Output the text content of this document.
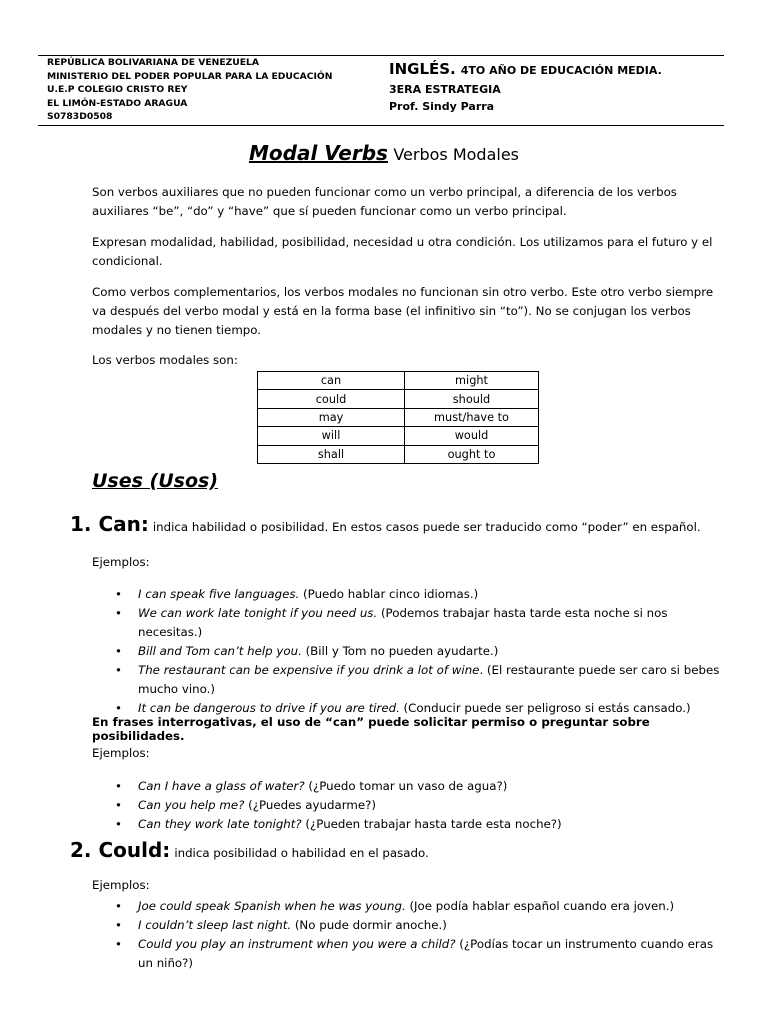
REPÚBLICA BOLIVARIANA DE VENEZUELA
MINISTERIO DEL PODER POPULAR PARA LA EDUCACIÓN
U.E.P COLEGIO CRISTO REY
EL LIMÓN-ESTADO ARAGUA
S0783D0508
INGLÉS. 4TO AÑO DE EDUCACIÓN MEDIA.
3ERA ESTRATEGIA
Prof. Sindy Parra
Modal Verbs Verbos Modales
Son verbos auxiliares que no pueden funcionar como un verbo principal, a diferencia de los verbos auxiliares “be”, “do” y “have” que sí pueden funcionar como un verbo principal.
Expresan modalidad, habilidad, posibilidad, necesidad u otra condición. Los utilizamos para el futuro y el condicional.
Como verbos complementarios, los verbos modales no funcionan sin otro verbo. Este otro verbo siempre va después del verbo modal y está en la forma base (el infinitivo sin “to”). No se conjugan los verbos modales y no tienen tiempo.
Los verbos modales son:
can	might
could	should
may	must/have to
will	would
shall	ought to
Uses (Usos)
1. Can: indica habilidad o posibilidad. En estos casos puede ser traducido como “poder” en español.
Ejemplos:
• I can speak five languages. (Puedo hablar cinco idiomas.)
• We can work late tonight if you need us. (Podemos trabajar hasta tarde esta noche si nos necesitas.)
• Bill and Tom can’t help you. (Bill y Tom no pueden ayudarte.)
• The restaurant can be expensive if you drink a lot of wine. (El restaurante puede ser caro si bebes mucho vino.)
• It can be dangerous to drive if you are tired. (Conducir puede ser peligroso si estás cansado.)
En frases interrogativas, el uso de “can” puede solicitar permiso o preguntar sobre posibilidades.
Ejemplos:
• Can I have a glass of water? (¿Puedo tomar un vaso de agua?)
• Can you help me? (¿Puedes ayudarme?)
• Can they work late tonight? (¿Pueden trabajar hasta tarde esta noche?)
2. Could: indica posibilidad o habilidad en el pasado.
Ejemplos:
• Joe could speak Spanish when he was young. (Joe podía hablar español cuando era joven.)
• I couldn’t sleep last night. (No pude dormir anoche.)
• Could you play an instrument when you were a child? (¿Podías tocar un instrumento cuando eras un niño?)
